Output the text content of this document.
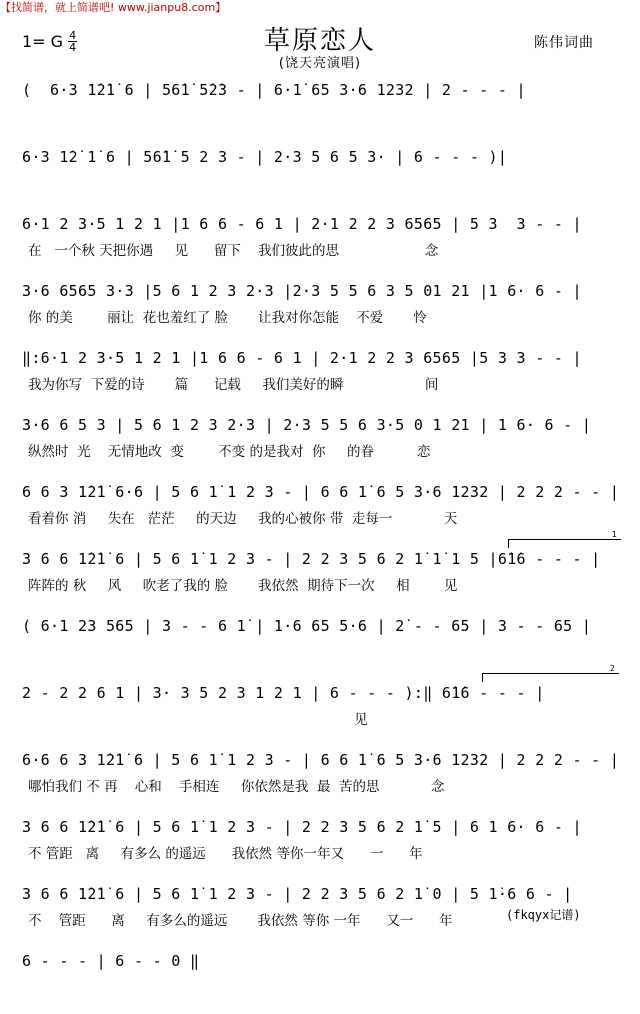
【找简谱，就上简谱吧! www.jianpu8.com】
1= G 4
4	草原恋人
(饶天亮演唱)
陈伟词曲
(  6·3 1̇2̇1̇ 6 | 56̇1̇ 5̇2̇3 - | 6·1̇ 65 3·6 1232 | 2 - - - |
6·3 1̇2̇ 1̇ 6 | 56̇1̇ 5 2 3 - | 2·3 5 6 5 3· | 6 - - - )|
6·1 2 3·5 1 2 1 |1 6 6 - 6 1 | 2·1 2 2 3 6565 | 5 3  3 - - |
在   一个秋 天把你遇     见      留下    我们彼此的思                    念
3·6 6565 3·3 |5 6 1 2 3 2·3 |2·3 5 5 6 3 5 01 21 |1 6· 6 - |
你 的美        丽让  花也羞红了 脸       让我对你怎能    不爱       怜
‖:6·1 2 3·5 1 2 1 |1 6 6 - 6 1 | 2·1 2 2 3 6565 |5 3 3 - - |
我为你写  下爱的诗       篇      记载     我们美好的瞬                   间
3·6 6 5 3 | 5 6 1 2 3 2·3 | 2·3 5 5 6 3·5 0 1 21 | 1 6· 6 - |
纵然时  光    无情地改  变        不变 的是我对  你     的眷          恋
6 6 3 1̇2̇1̇ 6·6 | 5 6 1̇ 1 2 3 - | 6 6 1̇ 6 5 3·6 1232 | 2 2 2 - - |
看着你 消     失在   茫茫     的天边     我的心被你 带  走每一            天
3 6 6 1̇2̇1̇ 6 | 5 6 1̇ 1 2 3 - | 2 2 3 5 6 2 1̇ 1̇ 1 5 |6̇1̇6 - - - |
阵阵的 秋     风     吹老了我的 脸       我依然  期待下一次     相        见
1
( 6·1 23 565 | 3 - - 6 1̇ | 1·6 65 5·6 | 2̇ - - 65 | 3 - - 65 |
2 - 2 2 6 1 | 3· 3 5 2 3 1 2 1 | 6 - - - ):‖ 6̇1̇6 - - - |
见
2
6·6 6 3 1̇2̇1̇ 6 | 5 6 1̇ 1 2 3 - | 6 6 1̇ 6 5 3·6 1232 | 2 2 2 - - |
哪怕我们 不 再    心和    手相连     你依然是我  最  苦的思            念
3 6 6 1̇2̇1̇ 6 | 5 6 1̇ 1 2 3 - | 2 2 3 5 6 2 1̇ 5 | 6 1 6· 6 - |
不 管距   离     有多么 的遥远      我依然 等你一年又      一      年
3 6 6 1̇2̇1̇ 6 | 5 6 1̇ 1 2 3 - | 2 2 3 5 6 2 1̇ 0 | 5 1̇·6 6 - |
不    管距      离     有多么的遥远       我依然 等你 一年      又一      年
6 - - - | 6 - - 0 ‖
(fkqyx记谱)
